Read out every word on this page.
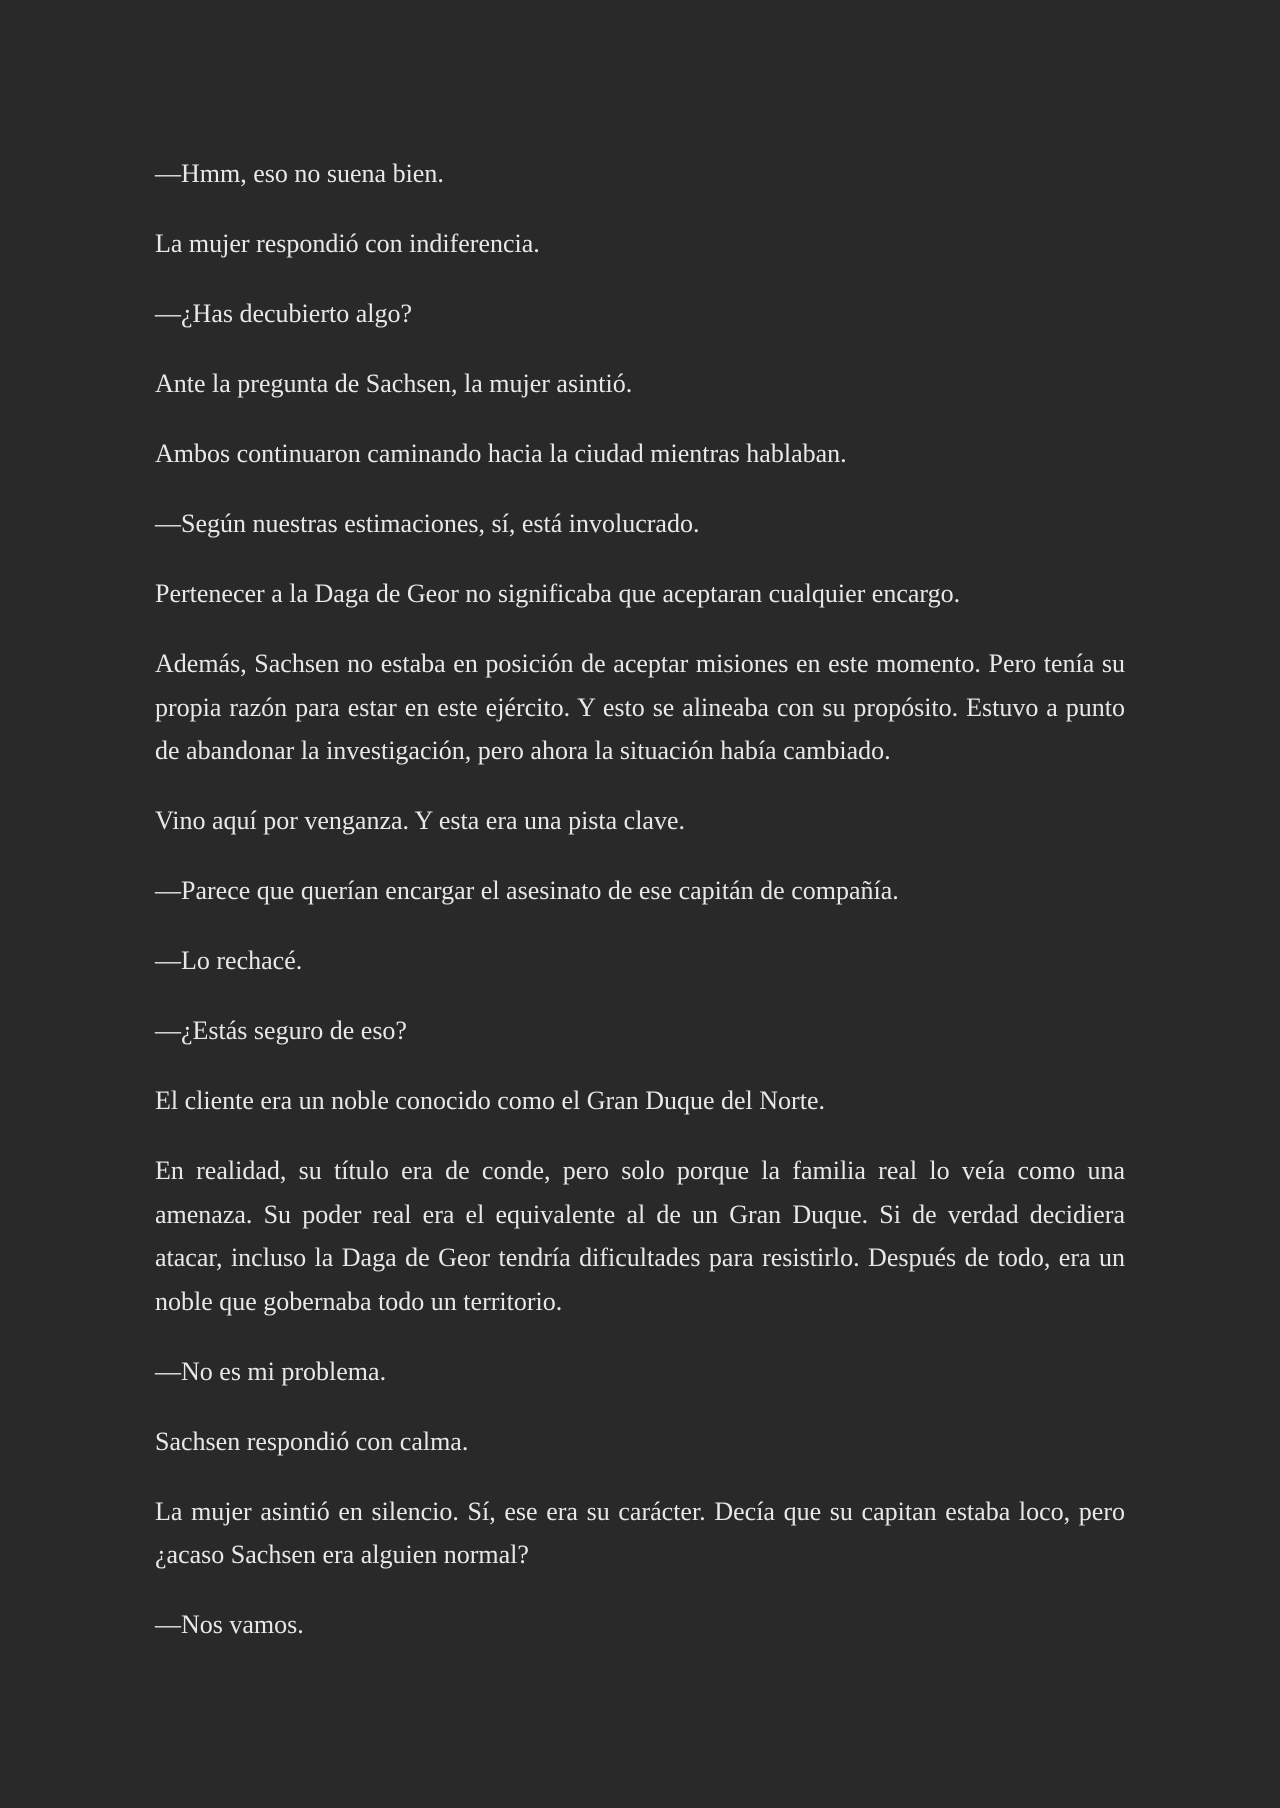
—Hmm, eso no suena bien.

La mujer respondió con indiferencia.

—¿Has decubierto algo?

Ante la pregunta de Sachsen, la mujer asintió.

Ambos continuaron caminando hacia la ciudad mientras hablaban.

—Según nuestras estimaciones, sí, está involucrado.

Pertenecer a la Daga de Geor no significaba que aceptaran cualquier encargo.

Además, Sachsen no estaba en posición de aceptar misiones en este momento. Pero tenía su propia razón para estar en este ejército. Y esto se alineaba con su propósito. Estuvo a punto de abandonar la investigación, pero ahora la situación había cambiado.

Vino aquí por venganza. Y esta era una pista clave.

—Parece que querían encargar el asesinato de ese capitán de compañía.

—Lo rechacé.

—¿Estás seguro de eso?

El cliente era un noble conocido como el Gran Duque del Norte.

En realidad, su título era de conde, pero solo porque la familia real lo veía como una amenaza. Su poder real era el equivalente al de un Gran Duque. Si de verdad decidiera atacar, incluso la Daga de Geor tendría dificultades para resistirlo. Después de todo, era un noble que gobernaba todo un territorio.

—No es mi problema.

Sachsen respondió con calma.

La mujer asintió en silencio. Sí, ese era su carácter. Decía que su capitan estaba loco, pero ¿acaso Sachsen era alguien normal?

—Nos vamos.
